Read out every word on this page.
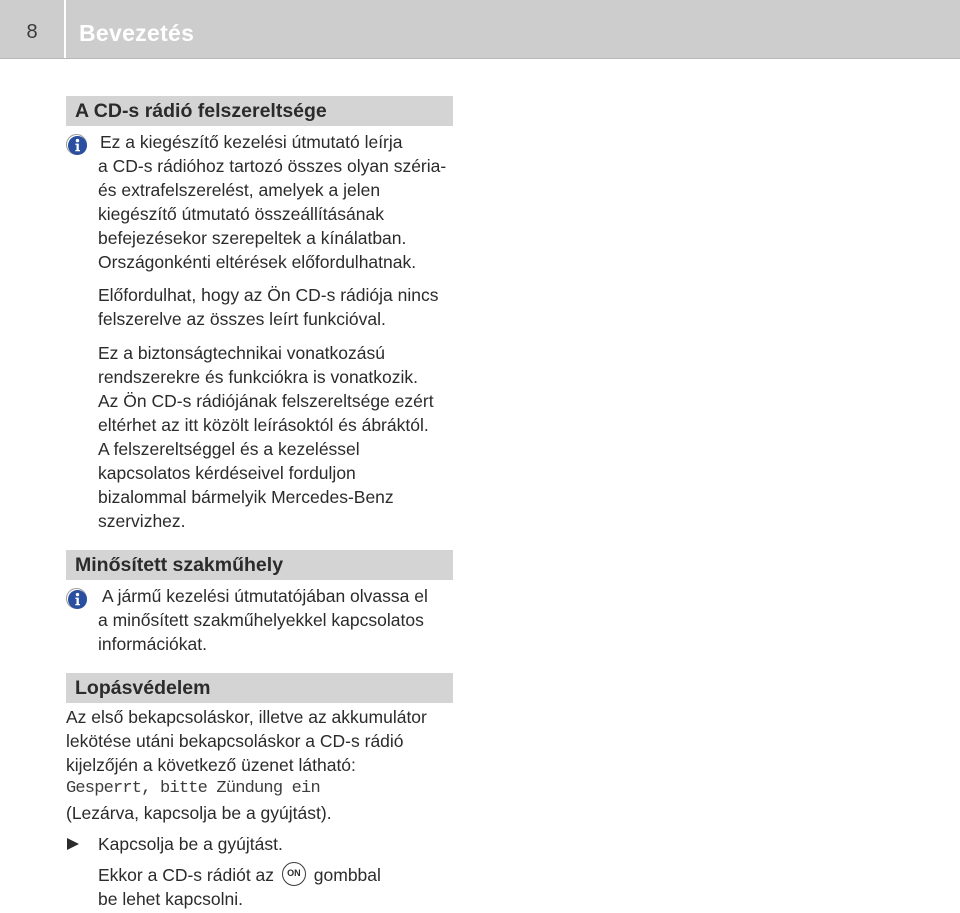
8	Bevezetés
A CD-s rádió felszereltsége
Ez a kiegészítő kezelési útmutató leírja
a CD-s rádióhoz tartozó összes olyan széria-
és extrafelszerelést, amelyek a jelen
kiegészítő útmutató összeállításának
befejezésekor szerepeltek a kínálatban.
Országonkénti eltérések előfordulhatnak.
Előfordulhat, hogy az Ön CD-s rádiója nincs
felszerelve az összes leírt funkcióval.
Ez a biztonságtechnikai vonatkozású
rendszerekre és funkciókra is vonatkozik.
Az Ön CD-s rádiójának felszereltsége ezért
eltérhet az itt közölt leírásoktól és ábráktól.
A felszereltséggel és a kezeléssel
kapcsolatos kérdéseivel forduljon
bizalommal bármelyik Mercedes-Benz
szervizhez.
Minősített szakműhely
A jármű kezelési útmutatójában olvassa el
a minősített szakműhelyekkel kapcsolatos
információkat.
Lopásvédelem
Az első bekapcsoláskor, illetve az akkumulátor
lekötése utáni bekapcsoláskor a CD-s rádió
kijelzőjén a következő üzenet látható:
Gesperrt, bitte Zündung ein
(Lezárva, kapcsolja be a gyújtást).
Kapcsolja be a gyújtást.
Ekkor a CD-s rádiót az ON gombbal
be lehet kapcsolni.
